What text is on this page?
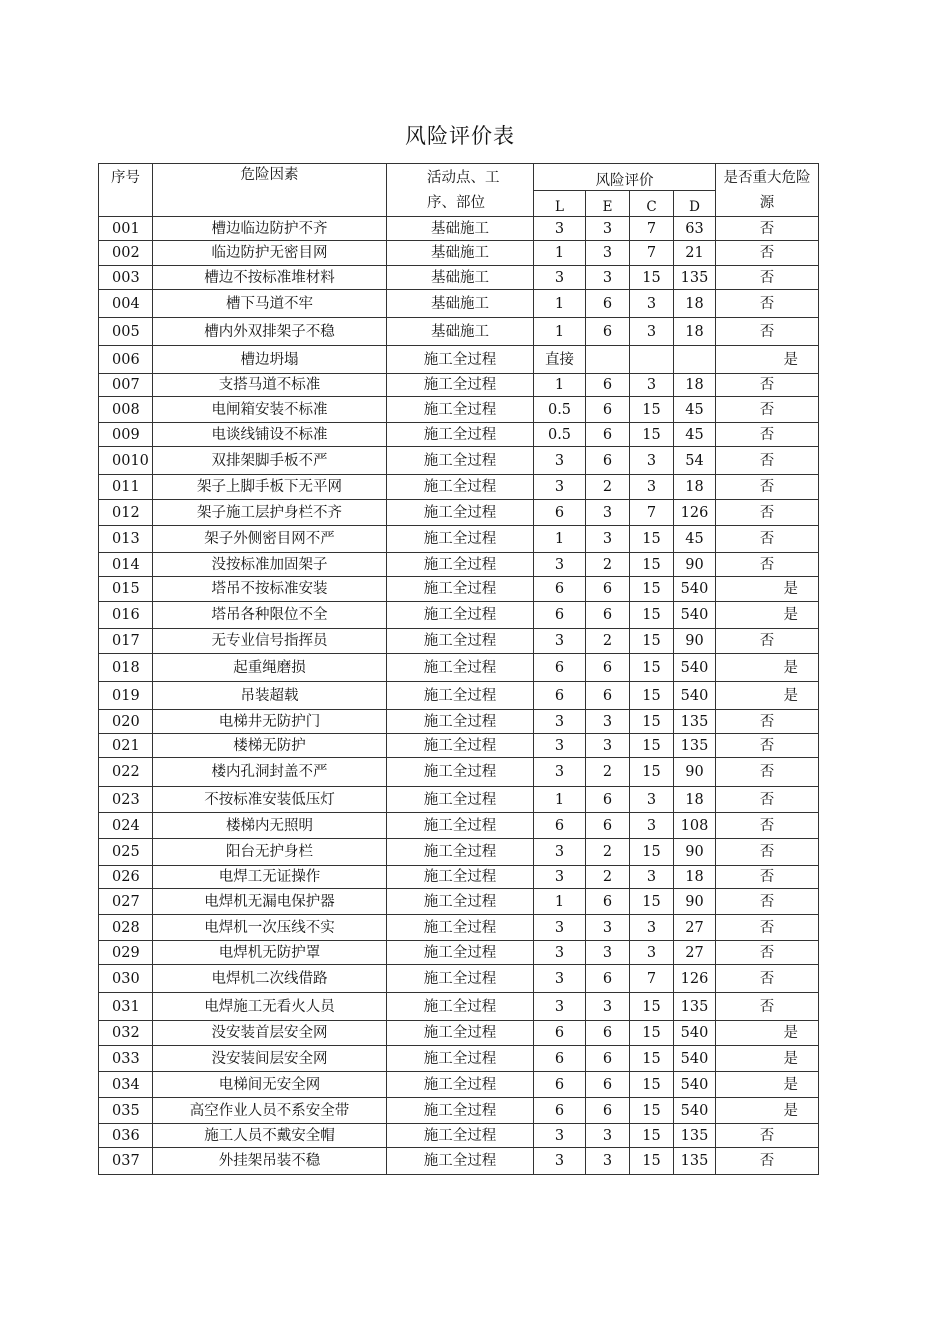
风险评价表
序号	危险因素	活动点、工序、部位	风险评价				是否重大危险源
			L	E	C	D	
001	槽边临边防护不齐	基础施工	3	3	7	63	否
002	临边防护无密目网	基础施工	1	3	7	21	否
003	槽边不按标准堆材料	基础施工	3	3	15	135	否
004	槽下马道不牢	基础施工	1	6	3	18	否
005	槽内外双排架子不稳	基础施工	1	6	3	18	否
006	槽边坍塌	施工全过程	直接				是
007	支搭马道不标准	施工全过程	1	6	3	18	否
008	电闸箱安装不标准	施工全过程	0.5	6	15	45	否
009	电谈线铺设不标准	施工全过程	0.5	6	15	45	否
0010	双排架脚手板不严	施工全过程	3	6	3	54	否
011	架子上脚手板下无平网	施工全过程	3	2	3	18	否
012	架子施工层护身栏不齐	施工全过程	6	3	7	126	否
013	架子外侧密目网不严	施工全过程	1	3	15	45	否
014	没按标准加固架子	施工全过程	3	2	15	90	否
015	塔吊不按标准安装	施工全过程	6	6	15	540	是
016	塔吊各种限位不全	施工全过程	6	6	15	540	是
017	无专业信号指挥员	施工全过程	3	2	15	90	否
018	起重绳磨损	施工全过程	6	6	15	540	是
019	吊装超载	施工全过程	6	6	15	540	是
020	电梯井无防护门	施工全过程	3	3	15	135	否
021	楼梯无防护	施工全过程	3	3	15	135	否
022	楼内孔洞封盖不严	施工全过程	3	2	15	90	否
023	不按标准安装低压灯	施工全过程	1	6	3	18	否
024	楼梯内无照明	施工全过程	6	6	3	108	否
025	阳台无护身栏	施工全过程	3	2	15	90	否
026	电焊工无证操作	施工全过程	3	2	3	18	否
027	电焊机无漏电保护器	施工全过程	1	6	15	90	否
028	电焊机一次压线不实	施工全过程	3	3	3	27	否
029	电焊机无防护罩	施工全过程	3	3	3	27	否
030	电焊机二次线借路	施工全过程	3	6	7	126	否
031	电焊施工无看火人员	施工全过程	3	3	15	135	否
032	没安装首层安全网	施工全过程	6	6	15	540	是
033	没安装间层安全网	施工全过程	6	6	15	540	是
034	电梯间无安全网	施工全过程	6	6	15	540	是
035	高空作业人员不系安全带	施工全过程	6	6	15	540	是
036	施工人员不戴安全帽	施工全过程	3	3	15	135	否
037	外挂架吊装不稳	施工全过程	3	3	15	135	否
